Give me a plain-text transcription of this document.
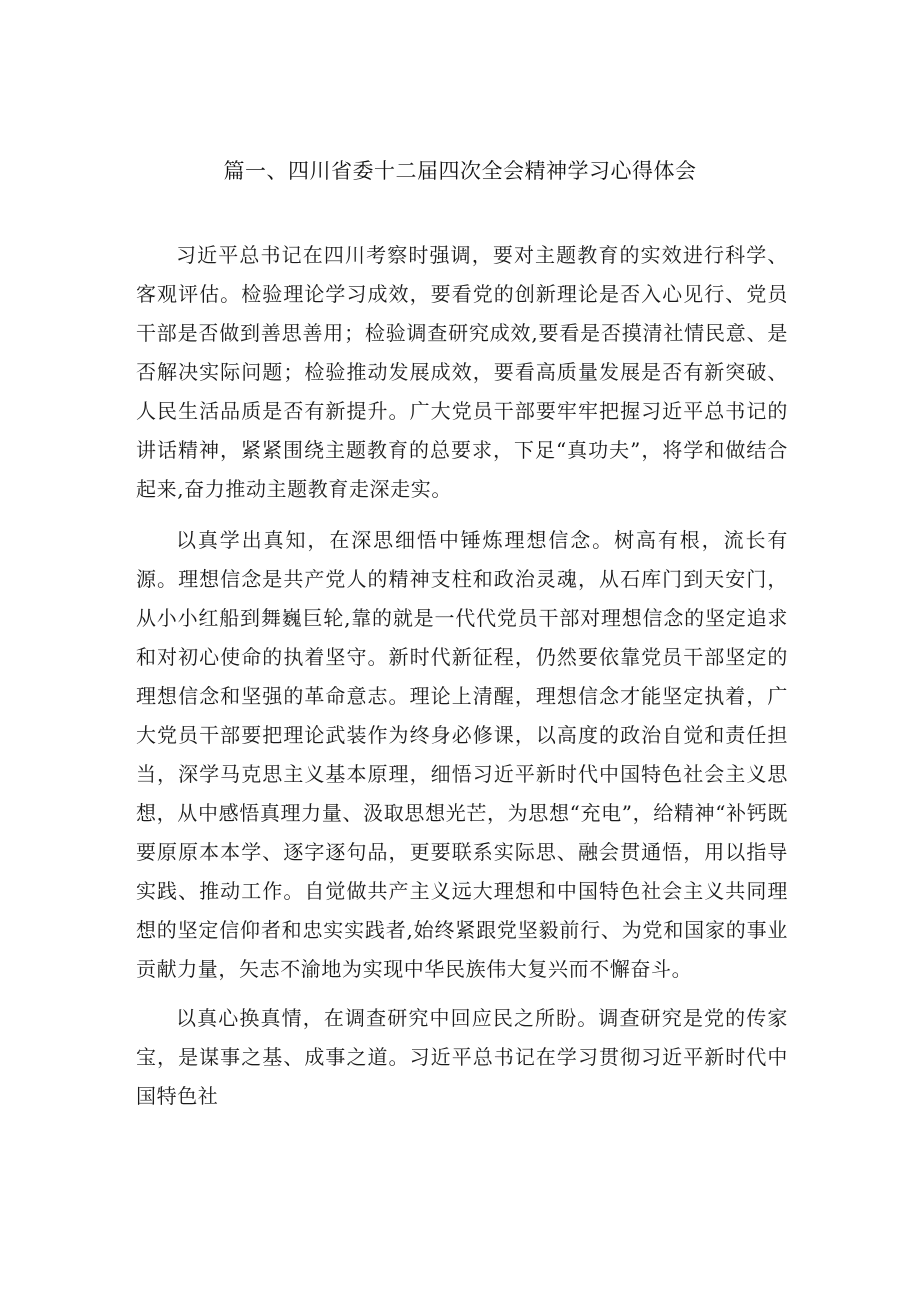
篇一、四川省委十二届四次全会精神学习心得体会

习近平总书记在四川考察时强调，要对主题教育的实效进行科学、客观评估。检验理论学习成效，要看党的创新理论是否入心见行、党员干部是否做到善思善用；检验调查研究成效,要看是否摸清社情民意、是否解决实际问题；检验推动发展成效，要看高质量发展是否有新突破、人民生活品质是否有新提升。广大党员干部要牢牢把握习近平总书记的讲话精神，紧紧围绕主题教育的总要求，下足“真功夫”，将学和做结合起来,奋力推动主题教育走深走实。

以真学出真知，在深思细悟中锤炼理想信念。树高有根，流长有源。理想信念是共产党人的精神支柱和政治灵魂，从石库门到天安门，从小小红船到舞巍巨轮,靠的就是一代代党员干部对理想信念的坚定追求和对初心使命的执着坚守。新时代新征程，仍然要依靠党员干部坚定的理想信念和坚强的革命意志。理论上清醒，理想信念才能坚定执着，广大党员干部要把理论武装作为终身必修课，以高度的政治自觉和责任担当，深学马克思主义基本原理，细悟习近平新时代中国特色社会主义思想，从中感悟真理力量、汲取思想光芒，为思想“充电”，给精神“补钙既要原原本本学、逐字逐句品，更要联系实际思、融会贯通悟，用以指导实践、推动工作。自觉做共产主义远大理想和中国特色社会主义共同理想的坚定信仰者和忠实实践者,始终紧跟党坚毅前行、为党和国家的事业贡献力量，矢志不渝地为实现中华民族伟大复兴而不懈奋斗。

以真心换真情，在调查研究中回应民之所盼。调查研究是党的传家宝，是谋事之基、成事之道。习近平总书记在学习贯彻习近平新时代中国特色社
